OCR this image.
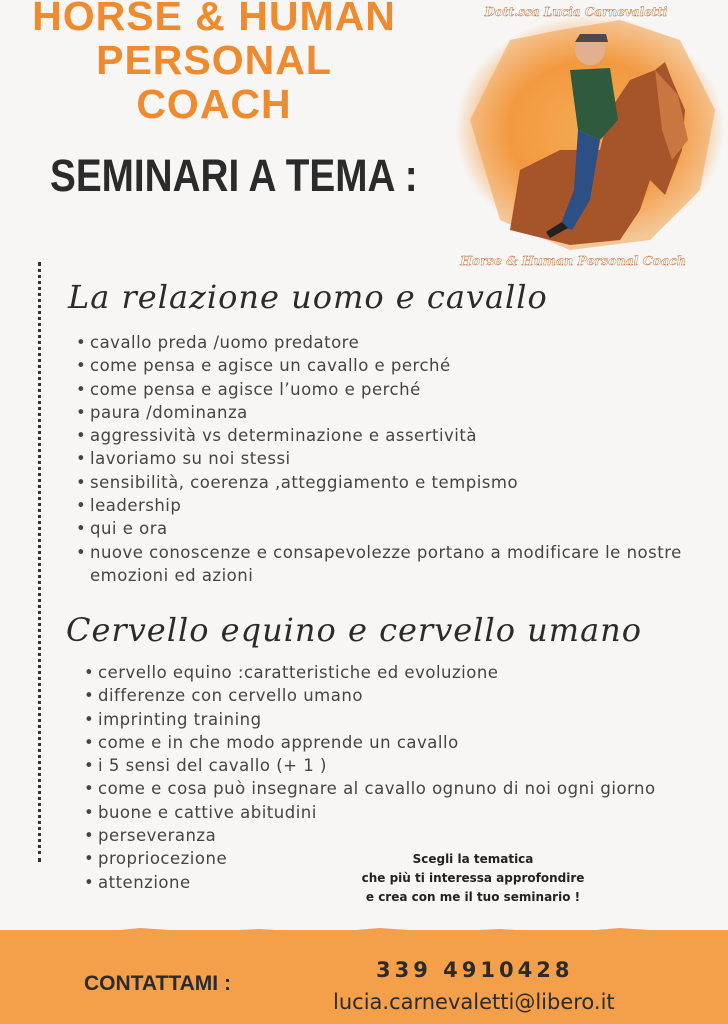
HORSE & HUMAN
PERSONAL
COACH
SEMINARI A TEMA :
Dott.ssa Lucia Carnevaletti
Horse & Human Personal Coach
La relazione uomo e cavallo
• cavallo preda /uomo predatore
• come pensa e agisce un cavallo e perché
• come pensa e agisce l’uomo e perché
• paura /dominanza
• aggressività vs determinazione e assertività
• lavoriamo su noi stessi
• sensibilità, coerenza ,atteggiamento e tempismo
• leadership
• qui e ora
• nuove conoscenze e consapevolezze portano a modificare le nostre emozioni ed azioni
Cervello equino e cervello umano
• cervello equino :caratteristiche ed evoluzione
• differenze con cervello umano
• imprinting training
• come e in che modo apprende un cavallo
• i 5 sensi del cavallo (+ 1 )
• come e cosa può insegnare al cavallo ognuno di noi ogni giorno
• buone e cattive abitudini
• perseveranza
• propriocezione
• attenzione
Scegli la tematica
che più ti interessa approfondire
e crea con me il tuo seminario !
CONTATTAMI :
339 4910428
lucia.carnevaletti@libero.it
